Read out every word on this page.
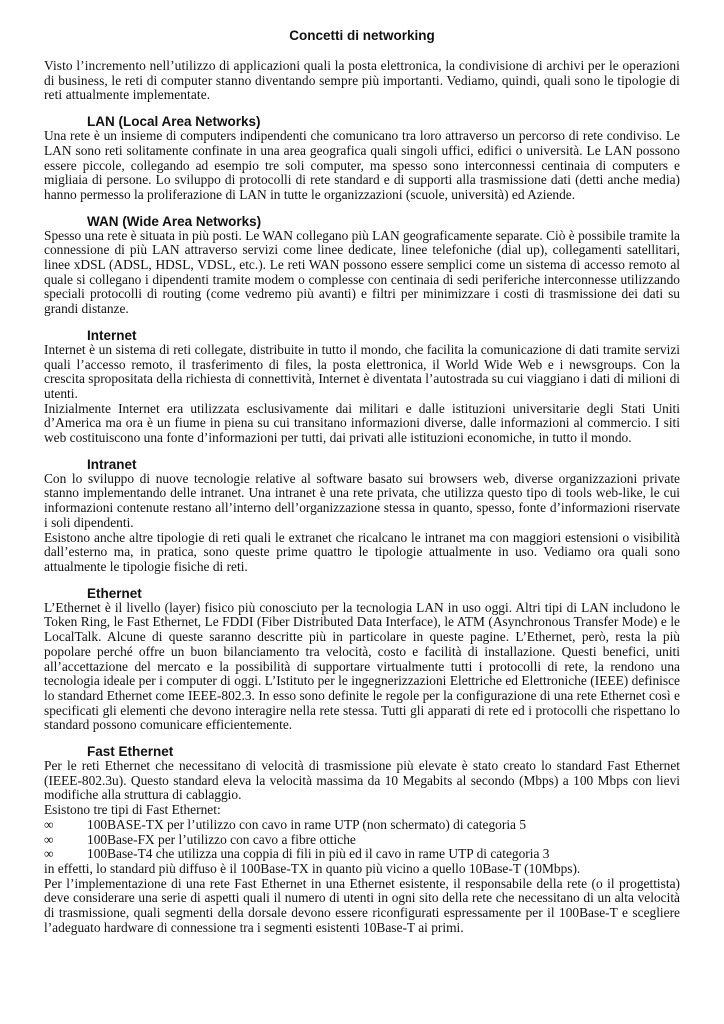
Concetti di networking

Visto l’incremento nell’utilizzo di applicazioni quali la posta elettronica, la condivisione di archivi per le operazioni di business, le reti di computer stanno diventando sempre più importanti. Vediamo, quindi, quali sono le tipologie di reti attualmente implementate.

LAN (Local Area Networks)

Una rete è un insieme di computers indipendenti che comunicano tra loro attraverso un percorso di rete condiviso. Le LAN sono reti solitamente confinate in una area geografica quali singoli uffici, edifici o università. Le LAN possono essere piccole, collegando ad esempio tre soli computer, ma spesso sono interconnessi centinaia di computers e migliaia di persone. Lo sviluppo di protocolli di rete standard e di supporti alla trasmissione dati (detti anche media) hanno permesso la proliferazione di LAN in tutte le organizzazioni (scuole, università) ed Aziende.

WAN (Wide Area Networks)

Spesso una rete è situata in più posti. Le WAN collegano più LAN geograficamente separate. Ciò è possibile tramite la connessione di più LAN attraverso servizi come linee dedicate, linee telefoniche (dial up), collegamenti satellitari, linee xDSL (ADSL, HDSL, VDSL, etc.). Le reti WAN possono essere semplici come un sistema di accesso remoto al quale si collegano i dipendenti tramite modem o complesse con centinaia di sedi periferiche interconnesse utilizzando speciali protocolli di routing (come vedremo più avanti) e filtri per minimizzare i costi di trasmissione dei dati su grandi distanze.

Internet

Internet è un sistema di reti collegate, distribuite in tutto il mondo, che facilita la comunicazione di dati tramite servizi quali l’accesso remoto, il trasferimento di files, la posta elettronica, il World Wide Web e i newsgroups. Con la crescita spropositata della richiesta di connettività, Internet è diventata l’autostrada su cui viaggiano i dati di milioni di utenti.

Inizialmente Internet era utilizzata esclusivamente dai militari e dalle istituzioni universitarie degli Stati Uniti d’America ma ora è un fiume in piena su cui transitano informazioni diverse, dalle informazioni al commercio. I siti web costituiscono una fonte d’informazioni per tutti, dai privati alle istituzioni economiche, in tutto il mondo.

Intranet

Con lo sviluppo di nuove tecnologie relative al software basato sui browsers web, diverse organizzazioni private stanno implementando delle intranet. Una intranet è una rete privata, che utilizza questo tipo di tools web-like, le cui informazioni contenute restano all’interno dell’organizzazione stessa in quanto, spesso, fonte d’informazioni riservate i soli dipendenti.

Esistono anche altre tipologie di reti quali le extranet che ricalcano le intranet ma con maggiori estensioni o visibilità dall’esterno ma, in pratica, sono queste prime quattro le tipologie attualmente in uso. Vediamo ora quali sono attualmente le tipologie fisiche di reti.

Ethernet

L’Ethernet è il livello (layer) fisico più conosciuto per la tecnologia LAN in uso oggi. Altri tipi di LAN includono le Token Ring, le Fast Ethernet, Le FDDI (Fiber Distributed Data Interface), le ATM (Asynchronous Transfer Mode) e le LocalTalk. Alcune di queste saranno descritte più in particolare in queste pagine. L’Ethernet, però, resta la più popolare perché offre un buon bilanciamento tra velocità, costo e facilità di installazione. Questi benefici, uniti all’accettazione del mercato e la possibilità di supportare virtualmente tutti i protocolli di rete, la rendono una tecnologia ideale per i computer di oggi. L’Istituto per le ingegnerizzazioni Elettriche ed Elettroniche (IEEE) definisce lo standard Ethernet come IEEE-802.3. In esso sono definite le regole per la configurazione di una rete Ethernet così e specificati gli elementi che devono interagire nella rete stessa. Tutti gli apparati di rete ed i protocolli che rispettano lo standard possono comunicare efficientemente.

Fast Ethernet

Per le reti Ethernet che necessitano di velocità di trasmissione più elevate è stato creato lo standard Fast Ethernet (IEEE-802.3u). Questo standard eleva la velocità massima da 10 Megabits al secondo (Mbps) a 100 Mbps con lievi modifiche alla struttura di cablaggio.

Esistono tre tipi di Fast Ethernet:

∞	100BASE-TX per l’utilizzo con cavo in rame UTP (non schermato) di categoria 5
∞	100Base-FX per l’utilizzo con cavo a fibre ottiche
∞	100Base-T4 che utilizza una coppia di fili in più ed il cavo in rame UTP di categoria 3

in effetti, lo standard più diffuso è il 100Base-TX in quanto più vicino a quello 10Base-T (10Mbps).

Per l’implementazione di una rete Fast Ethernet in una Ethernet esistente, il responsabile della rete (o il progettista) deve considerare una serie di aspetti quali il numero di utenti in ogni sito della rete che necessitano di un alta velocità di trasmissione, quali segmenti della dorsale devono essere riconfigurati espressamente per il 100Base-T e scegliere l’adeguato hardware di connessione tra i segmenti esistenti 10Base-T ai primi.
